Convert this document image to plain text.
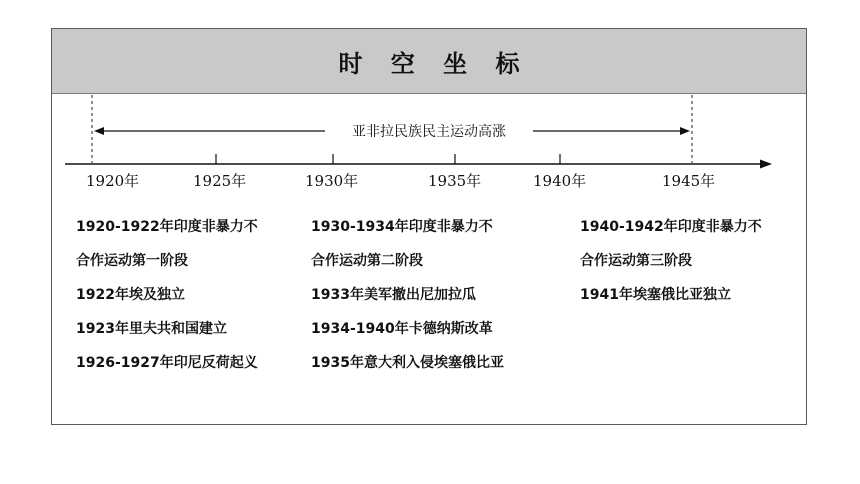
时 空 坐 标
亚非拉民族民主运动高涨
1920年	1925年	1930年	1935年	1940年	1945年
1920-1922年印度非暴力不
合作运动第一阶段
1922年埃及独立
1923年里夫共和国建立
1926-1927年印尼反荷起义
1930-1934年印度非暴力不
合作运动第二阶段
1933年美军撤出尼加拉瓜
1934-1940年卡德纳斯改革
1935年意大利入侵埃塞俄比亚
1940-1942年印度非暴力不
合作运动第三阶段
1941年埃塞俄比亚独立
